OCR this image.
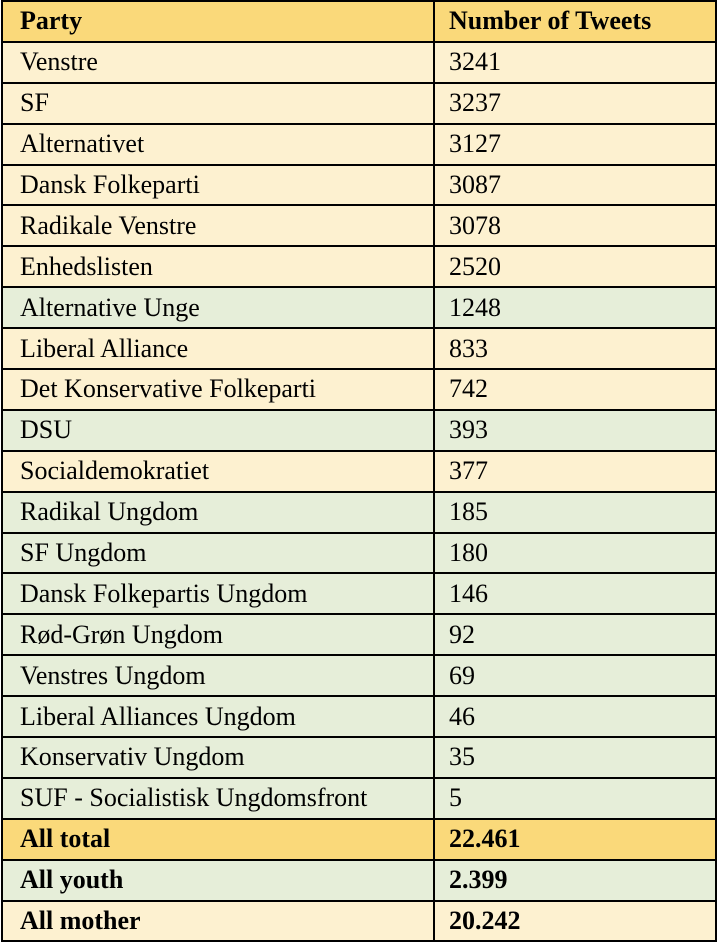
Party	Number of Tweets
Venstre	3241
SF	3237
Alternativet	3127
Dansk Folkeparti	3087
Radikale Venstre	3078
Enhedslisten	2520
Alternative Unge	1248
Liberal Alliance	833
Det Konservative Folkeparti	742
DSU	393
Socialdemokratiet	377
Radikal Ungdom	185
SF Ungdom	180
Dansk Folkepartis Ungdom	146
Rød-Grøn Ungdom	92
Venstres Ungdom	69
Liberal Alliances Ungdom	46
Konservativ Ungdom	35
SUF - Socialistisk Ungdomsfront	5
All total	22.461
All youth	2.399
All mother	20.242
